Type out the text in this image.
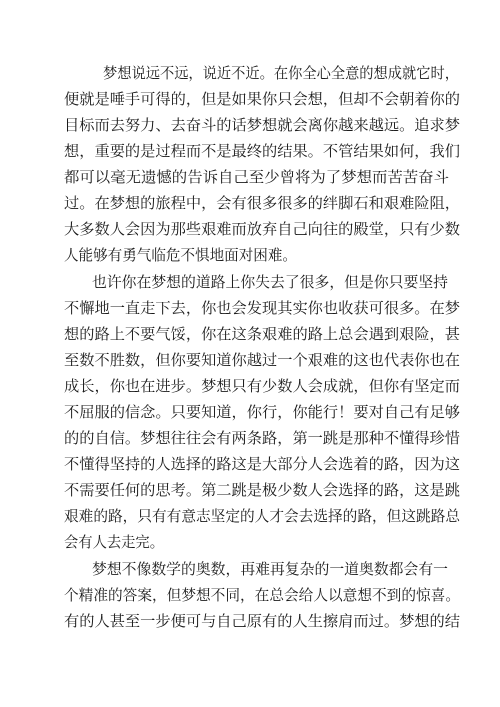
梦想说远不远，说近不近。在你全心全意的想成就它时，
便就是唾手可得的，但是如果你只会想，但却不会朝着你的
目标而去努力、去奋斗的话梦想就会离你越来越远。追求梦
想，重要的是过程而不是最终的结果。不管结果如何，我们
都可以毫无遗憾的告诉自己至少曾将为了梦想而苦苦奋斗
过。在梦想的旅程中，会有很多很多的绊脚石和艰难险阻，
大多数人会因为那些艰难而放弃自己向往的殿堂，只有少数
人能够有勇气临危不惧地面对困难。
也许你在梦想的道路上你失去了很多，但是你只要坚持
不懈地一直走下去，你也会发现其实你也收获可很多。在梦
想的路上不要气馁，你在这条艰难的路上总会遇到艰险，甚
至数不胜数，但你要知道你越过一个艰难的这也代表你也在
成长，你也在进步。梦想只有少数人会成就，但你有坚定而
不屈服的信念。只要知道，你行，你能行！要对自己有足够
的的自信。梦想往往会有两条路，第一跳是那种不懂得珍惜
不懂得坚持的人选择的路这是大部分人会选着的路，因为这
不需要任何的思考。第二跳是极少数人会选择的路，这是跳
艰难的路，只有有意志坚定的人才会去选择的路，但这跳路总
会有人去走完。
梦想不像数学的奥数，再难再复杂的一道奥数都会有一
个精准的答案，但梦想不同，在总会给人以意想不到的惊喜。
有的人甚至一步便可与自己原有的人生擦肩而过。梦想的结
